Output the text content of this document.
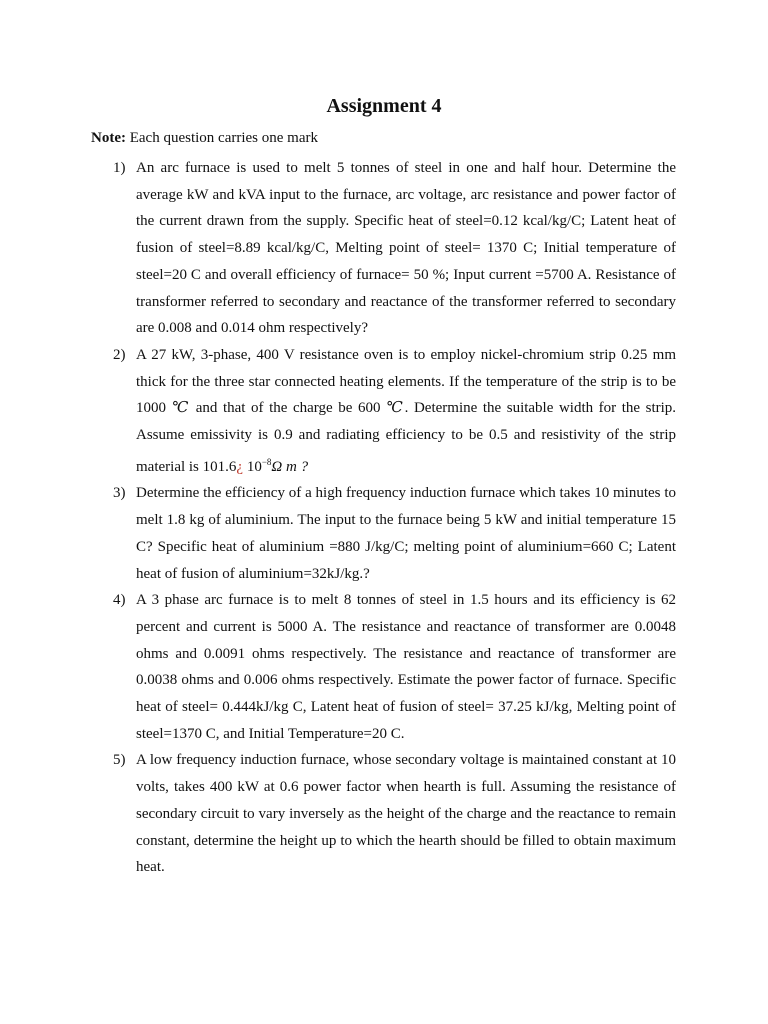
Assignment 4
Note: Each question carries one mark
1) An arc furnace is used to melt 5 tonnes of steel in one and half hour. Determine the average kW and kVA input to the furnace, arc voltage, arc resistance and power factor of the current drawn from the supply. Specific heat of steel=0.12 kcal/kg/C; Latent heat of fusion of steel=8.89 kcal/kg/C, Melting point of steel= 1370 C; Initial temperature of steel=20 C and overall efficiency of furnace= 50 %; Input current =5700 A. Resistance of transformer referred to secondary and reactance of the transformer referred to secondary are 0.008 and 0.014 ohm respectively?
2) A 27 kW, 3-phase, 400 V resistance oven is to employ nickel-chromium strip 0.25 mm thick for the three star connected heating elements. If the temperature of the strip is to be 1000 ℃ and that of the charge be 600 ℃. Determine the suitable width for the strip. Assume emissivity is 0.9 and radiating efficiency to be 0.5 and resistivity of the strip material is 101.6¿ $10^{-8}\Omega$ m ?
3) Determine the efficiency of a high frequency induction furnace which takes 10 minutes to melt 1.8 kg of aluminium. The input to the furnace being 5 kW and initial temperature 15 C? Specific heat of aluminium =880 J/kg/C; melting point of aluminium=660 C; Latent heat of fusion of aluminium=32kJ/kg.?
4) A 3 phase arc furnace is to melt 8 tonnes of steel in 1.5 hours and its efficiency is 62 percent and current is 5000 A. The resistance and reactance of transformer are 0.0048 ohms and 0.0091 ohms respectively. The resistance and reactance of transformer are 0.0038 ohms and 0.006 ohms respectively. Estimate the power factor of furnace. Specific heat of steel= 0.444kJ/kg C, Latent heat of fusion of steel= 37.25 kJ/kg, Melting point of steel=1370 C, and Initial Temperature=20 C.
5) A low frequency induction furnace, whose secondary voltage is maintained constant at 10 volts, takes 400 kW at 0.6 power factor when hearth is full. Assuming the resistance of secondary circuit to vary inversely as the height of the charge and the reactance to remain constant, determine the height up to which the hearth should be filled to obtain maximum heat.
